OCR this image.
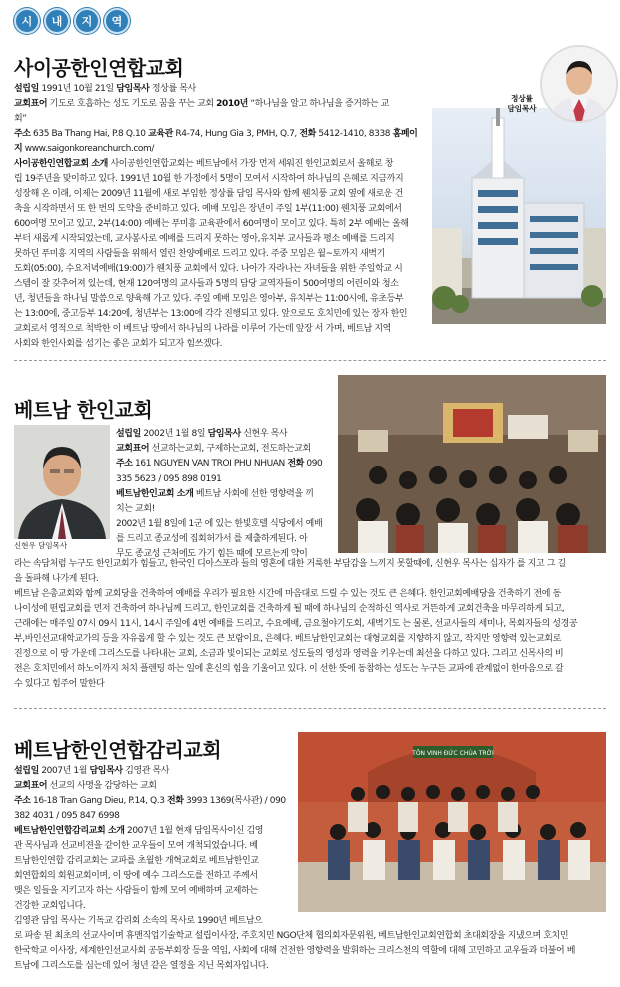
시	내	지	역
사이공한인연합교회
정상률
담임목사
설립일 1991년 10월 21일 담임목사 정상률 목사
교회표어 기도로 호흡하는 성도 기도로 꿈을 꾸는 교회 2010년 “하나님을 알고 하나님을 증거하는 교
회”
주소 635 Ba Thang Hai, P.8 Q.10 교육관 R4-74, Hung Gia 3, PMH, Q.7, 전화 5412-1410, 8338 홈페이
지 www.saigonkoreanchurch.com/
사이공한인연합교회 소개 사이공한인연합교회는 베트남에서 가장 먼저 세워진 한인교회로서 올해로 창
립 19주년을 맞이하고 있다. 1991년 10월 한 가정에서 5명이 모여서 시작하여 하나님의 은혜로 지금까지
성장해 온 이래, 이제는 2009년 11월에 새로 부임한 정상률 담임 목사와 함께 웬치풍 교회 옆에 새로운 건
축을 시작하면서 또 한 번의 도약을 준비하고 있다. 예배 모임은 장년이 주일 1부(11:00) 웬치풍 교회에서
600여명 모이고 있고, 2부(14:00) 예배는 푸미흥 교육관에서 60여명이 모이고 있다. 특히 2부 예배는 올해
부터 새롭게 시작되었는데, 교사봉사로 예배를 드리지 못하는 영아,유치부 교사들과 평소 예배를 드리지
못하던 푸미흥 지역의 사람들을 위해서 열린 찬양예배로 드리고 있다. 주중 모임은 월~토까지 새벽기
도회(05:00), 수요저녁예배(19:00)가 웬치풍 교회에서 있다. 나아가 자라나는 자녀들을 위한 주일학교 시
스템이 잘 갖추어져 있는데, 현재 120여명의 교사들과 5명의 담당 교역자들이 500여명의 어린이와 청소
년, 청년들을 하나님 말씀으로 양육해 가고 있다. 주일 예배 모임은 영아부, 유치부는 11:00시에, 유초등부
는 13:00에, 중고등부 14:20에, 청년부는 13:00에 각각 진행되고 있다. 앞으로도 호치민에 있는 장자 한인
교회로서 영적으로 척박한 이 베트남 땅에서 하나님의 나라를 이루어 가는데 앞장 서 가며, 베트남 지역
사회와 한인사회를 섬기는 좋은 교회가 되고자 힘쓰겠다.
베트남 한인교회
신현우 담임목사
설립일 2002년 1월 8일 담임목사 신현우 목사
교회표어 선교하는교회, 구제하는교회, 전도하는교회
주소 161 NGUYEN VAN TROI PHU NHUAN 전화 090
335 5623 / 095 898 0191
베트남한인교회 소개 베트남 사회에 선한 영향력을 끼
치는 교회!
2002년 1월 8일에 1군 에 있는 한빛호텔 식당에서 예배
를 드리고 종교성에 집회허가서 를 제출하게된다. 아
무도 종교성 근처에도 가기 힘든 때에 모르는게 약이
라는 속담처럼 누구도 한인교회가 힘들고, 한국인 디아스포라 들의 영혼에 대한 거룩한 부담감을 느끼지 못할때에, 신현우 목사는 십자가 를 지고 그 길
을 돌파해 나가게 된다.
베트남 은총교회와 함께 교회당을 건축하여 예배를 우리가 필요한 시간에 마음대로 드릴 수 있는 것도 큰 은혜다. 한인교회예배당을 건축하기 전에 동
나이성에 떤립교회를 먼저 건축하여 하나님께 드리고, 한인교회를 건축하게 될 때에 하나님의 순적하신 역사로 거뜬하게 교회건축을 마무리하게 되고,
근래에는 매주일 07시 09시 11시, 14시 주일에 4번 예배를 드리고, 수요예배, 금요철야기도회, 새벽기도 는 물론, 선교사들의 세미나, 목회자들의 성경공
부,바인선교대학교가의 등을 자유롭게 할 수 있는 것도 큰 보람이요, 은혜다. 베트남한인교회는 대형교회를 지향하지 않고, 작지만 영향력 있는교회로
진정으로 이 땅 가운데 그리스도를 나타내는 교회, 소금과 빛이되는 교회로 성도들의 영성과 영력을 키우는데 최선을 다하고 있다. 그리고 신목사의 비
전은 호치민에서 하노이까지 처치 플렌팅 하는 일에 혼신의 힘을 기울이고 있다. 이 선한 뜻에 동참하는 성도는 누구든 교파에 관계없이 한마음으로 갈
수 있다고 힘주어 말한다
베트남한인연합감리교회	TÔN VINH ĐỨC CHÚA TRỜI
설립일 2007년 1월 담임목사 김영관 목사
교회표어 선교의 사명을 감당하는 교회
주소 16-18 Tran Gang Dieu, P.14, Q.3 전화 3993 1369(목사관) / 090
382 4031 / 095 847 6998
베트남한인연합감리교회 소개 2007년 1월 현재 담임목사이신 김영
관 목사님과 선교비젼을 같이한 교우들이 모여 개척되었습니다. 베
트남한인연합 감리교회는 교파를 초월한 개혁교회로 베트남한인교
회연합회의 회원교회이며, 이 땅에 예수 그리스도를 전하고 주께서
맺은 일들을 지키고자 하는 사람들이 함께 모여 예배하며 교제하는
건강한 교회입니다.
김영관 담임 목사는 기독교 감리회 소속의 목사로 1990년 베트남으
로 파송 된 최초의 선교사이며 휴맨직업기술학교 설립이사장, 주호치민 NGO단체 협의회자문위원, 베트남한인교회연합회 초대회장을 지냈으며 호치민
한국학교 이사장, 세계한인선교사회 공동부회장 등을 역임, 사회에 대해 건전한 영향력을 발휘하는 크리스천의 역할에 대해 고민하고 교우들과 더불어 베
트남에 그리스도를 심는데 있어 청년 같은 열정을 지닌 목회자입니다.
